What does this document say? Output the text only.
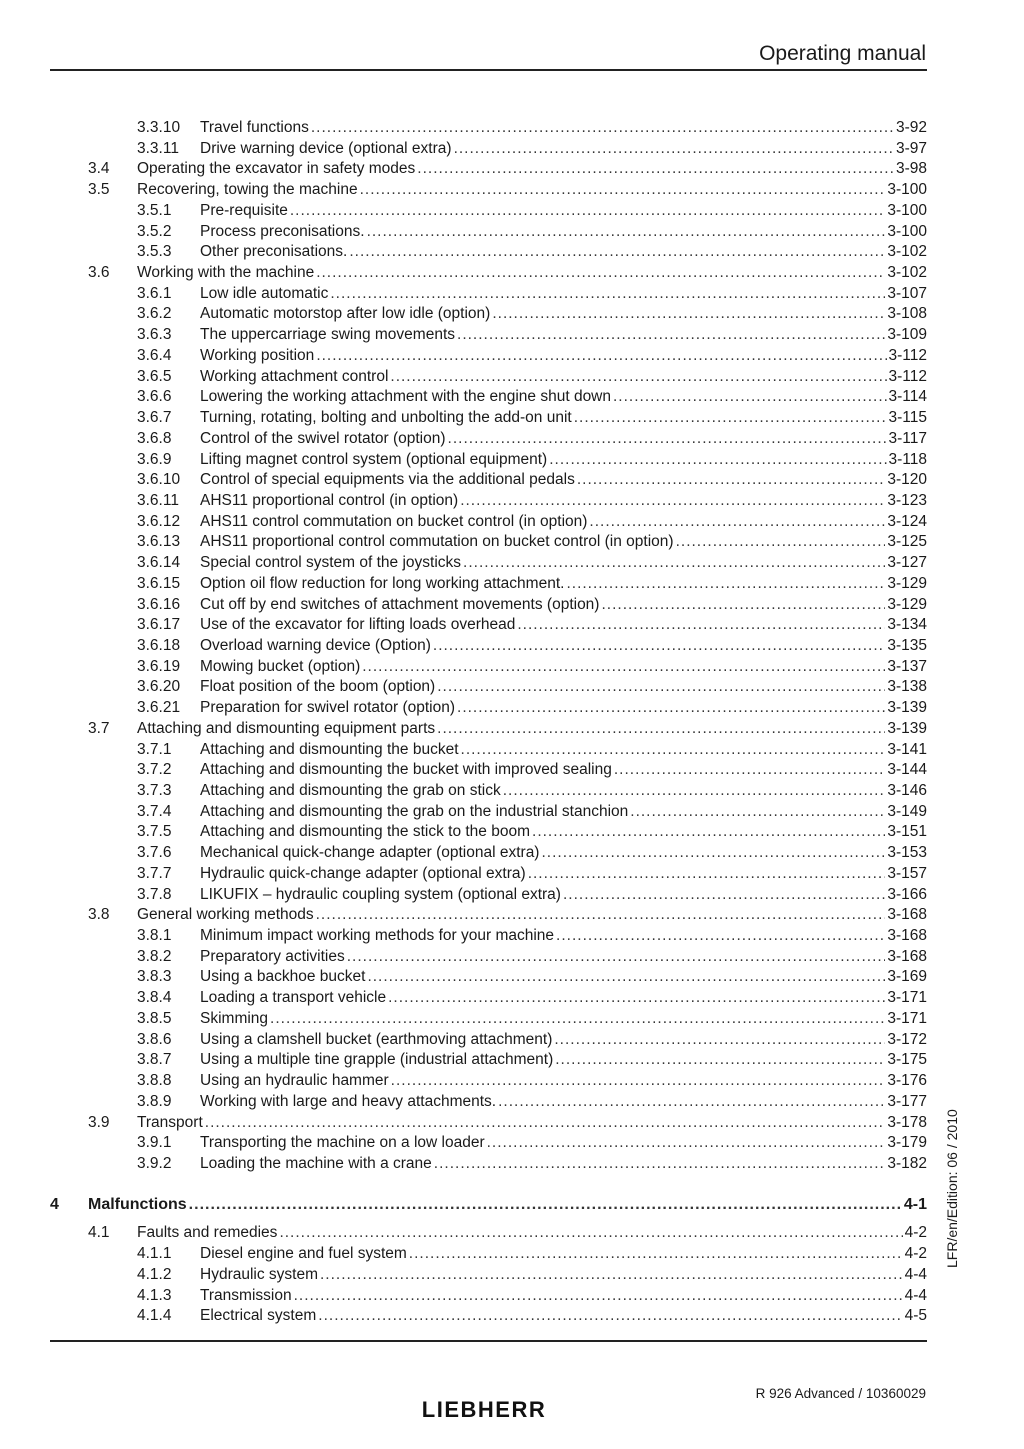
Operating manual
3.3.10 Travel functions .....	3-92
3.3.11 Drive warning device (optional extra) .....	3-97
3.4 Operating the excavator in safety modes .....	3-98
3.5 Recovering, towing the machine .....	3-100
3.5.1 Pre-requisite .....	3-100
3.5.2 Process preconisations. .....	3-100
3.5.3 Other preconisations. .....	3-102
3.6 Working with the machine .....	3-102
3.6.1 Low idle automatic .....	3-107
3.6.2 Automatic motorstop after low idle (option) .....	3-108
3.6.3 The uppercarriage swing movements .....	3-109
3.6.4 Working position .....	3-112
3.6.5 Working attachment control .....	3-112
3.6.6 Lowering the working attachment with the engine shut down .....	3-114
3.6.7 Turning, rotating, bolting and unbolting the add-on unit .....	3-115
3.6.8 Control of the swivel rotator (option) .....	3-117
3.6.9 Lifting magnet control system (optional equipment) .....	3-118
3.6.10 Control of special equipments via the additional pedals .....	3-120
3.6.11 AHS11 proportional control (in option) .....	3-123
3.6.12 AHS11 control commutation on bucket control (in option) .....	3-124
3.6.13 AHS11 proportional control commutation on bucket control (in option) .....	3-125
3.6.14 Special control system of the joysticks .....	3-127
3.6.15 Option oil flow reduction for long working attachment. .....	3-129
3.6.16 Cut off by end switches of attachment movements (option) .....	3-129
3.6.17 Use of the excavator for lifting loads overhead .....	3-134
3.6.18 Overload warning device (Option) .....	3-135
3.6.19 Mowing bucket (option) .....	3-137
3.6.20 Float position of the boom (option) .....	3-138
3.6.21 Preparation for swivel rotator (option) .....	3-139
3.7 Attaching and dismounting equipment parts .....	3-139
3.7.1 Attaching and dismounting the bucket .....	3-141
3.7.2 Attaching and dismounting the bucket with improved sealing .....	3-144
3.7.3 Attaching and dismounting the grab on stick .....	3-146
3.7.4 Attaching and dismounting the grab on the industrial stanchion .....	3-149
3.7.5 Attaching and dismounting the stick to the boom .....	3-151
3.7.6 Mechanical quick-change adapter (optional extra) .....	3-153
3.7.7 Hydraulic quick-change adapter (optional extra) .....	3-157
3.7.8 LIKUFIX – hydraulic coupling system (optional extra) .....	3-166
3.8 General working methods .....	3-168
3.8.1 Minimum impact working methods for your machine .....	3-168
3.8.2 Preparatory activities .....	3-168
3.8.3 Using a backhoe bucket .....	3-169
3.8.4 Loading a transport vehicle .....	3-171
3.8.5 Skimming .....	3-171
3.8.6 Using a clamshell bucket (earthmoving attachment) .....	3-172
3.8.7 Using a multiple tine grapple (industrial attachment) .....	3-175
3.8.8 Using an hydraulic hammer .....	3-176
3.8.9 Working with large and heavy attachments. .....	3-177
3.9 Transport .....	3-178
3.9.1 Transporting the machine on a low loader .....	3-179
3.9.2 Loading the machine with a crane .....	3-182
4 Malfunctions .....	4-1
4.1 Faults and remedies .....	4-2
4.1.1 Diesel engine and fuel system .....	4-2
4.1.2 Hydraulic system .....	4-4
4.1.3 Transmission .....	4-4
4.1.4 Electrical system .....	4-5
LFR/en/Edition: 06 / 2010
LIEBHERR
R 926 Advanced / 10360029
